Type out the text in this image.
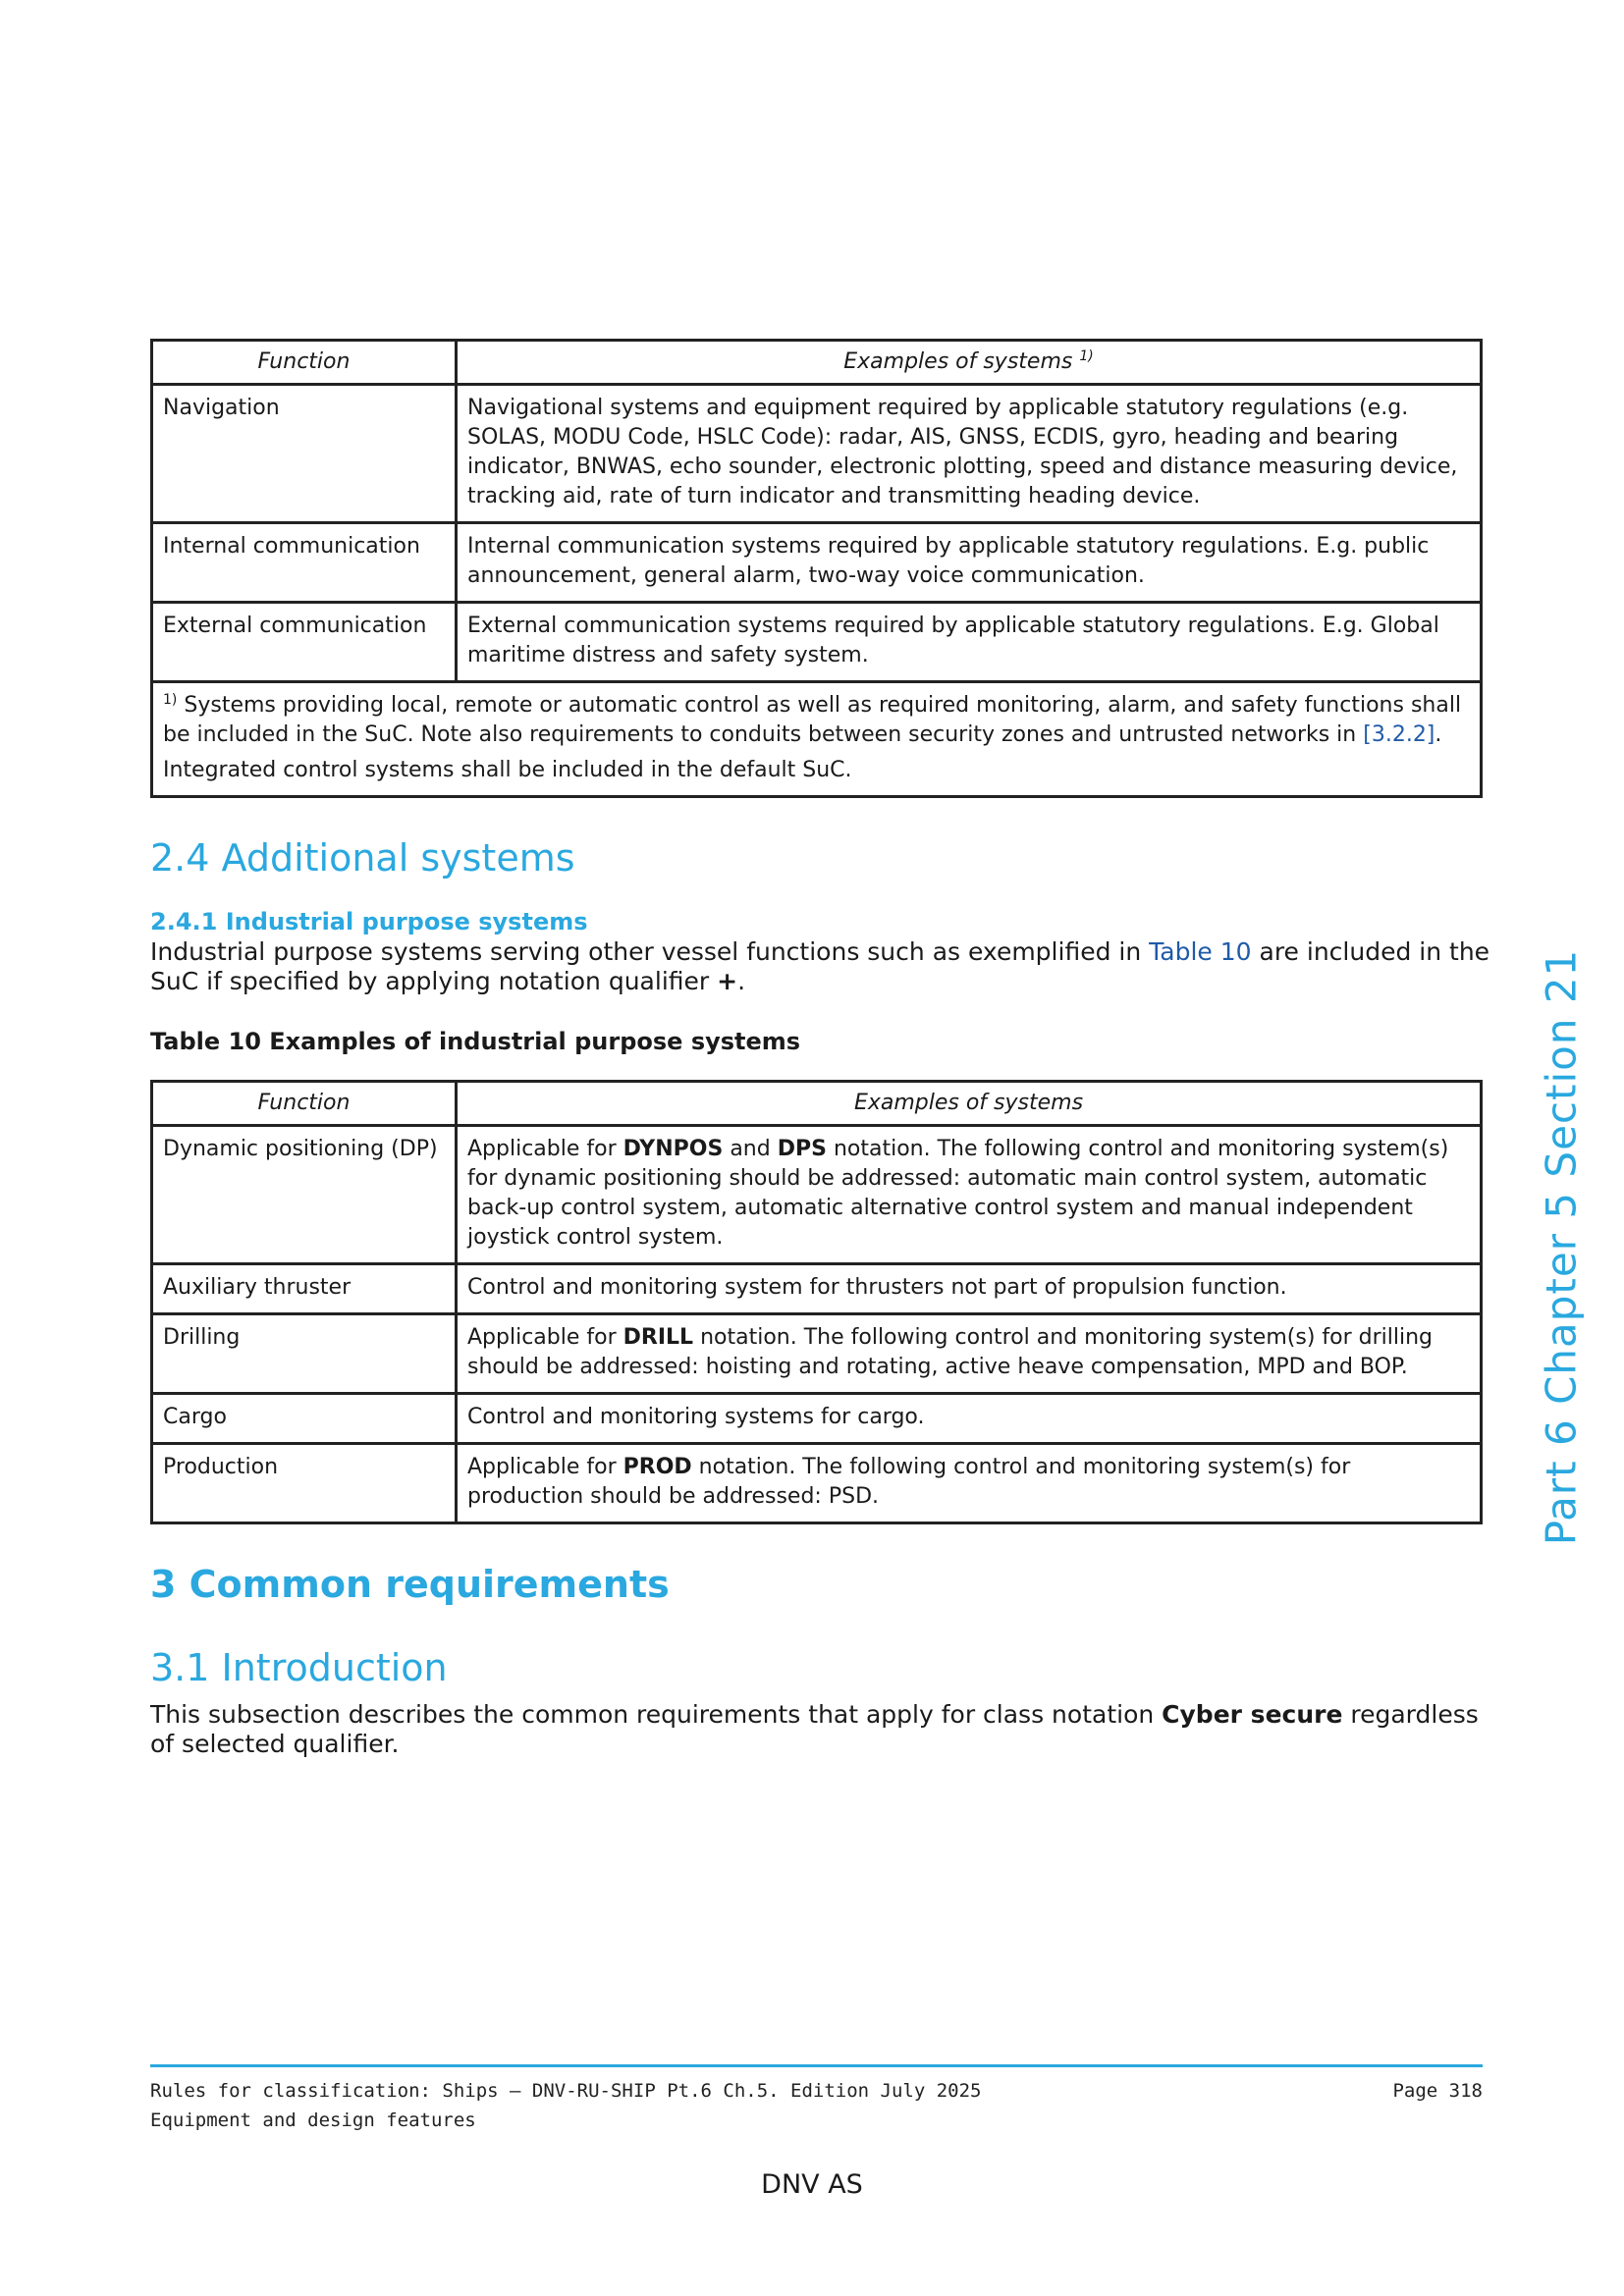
Part 6 Chapter 5 Section 21
Function	Examples of systems $^{1)}$
Navigation	Navigational systems and equipment required by applicable statutory regulations (e.g. SOLAS, MODU Code, HSLC Code): radar, AIS, GNSS, ECDIS, gyro, heading and bearing indicator, BNWAS, echo sounder, electronic plotting, speed and distance measuring device, tracking aid, rate of turn indicator and transmitting heading device.
Internal communication	Internal communication systems required by applicable statutory regulations. E.g. public announcement, general alarm, two-way voice communication.
External communication	External communication systems required by applicable statutory regulations. E.g. Global maritime distress and safety system.

$^{1)}$ Systems providing local, remote or automatic control as well as required monitoring, alarm, and safety functions shall be included in the SuC. Note also requirements to conduits between security zones and untrusted networks in [3.2.2].
Integrated control systems shall be included in the default SuC.	
2.4 Additional systems
2.4.1 Industrial purpose systems
Industrial purpose systems serving other vessel functions such as exemplified in Table 10 are included in the SuC if specified by applying notation qualifier +.
Table 10 Examples of industrial purpose systems
Function	Examples of systems
Dynamic positioning (DP)	Applicable for DYNPOS and DPS notation. The following control and monitoring system(s) for dynamic positioning should be addressed: automatic main control system, automatic back-up control system, automatic alternative control system and manual independent joystick control system.
Auxiliary thruster	Control and monitoring system for thrusters not part of propulsion function.
Drilling	Applicable for DRILL notation. The following control and monitoring system(s) for drilling should be addressed: hoisting and rotating, active heave compensation, MPD and BOP.
Cargo	Control and monitoring systems for cargo.
Production	Applicable for PROD notation. The following control and monitoring system(s) for production should be addressed: PSD.
3 Common requirements
3.1 Introduction
This subsection describes the common requirements that apply for class notation Cyber secure regardless of selected qualifier.
Rules for classification: Ships — DNV-RU-SHIP Pt.6 Ch.5. Edition July 2025	Page 318
Equipment and design features
DNV AS
